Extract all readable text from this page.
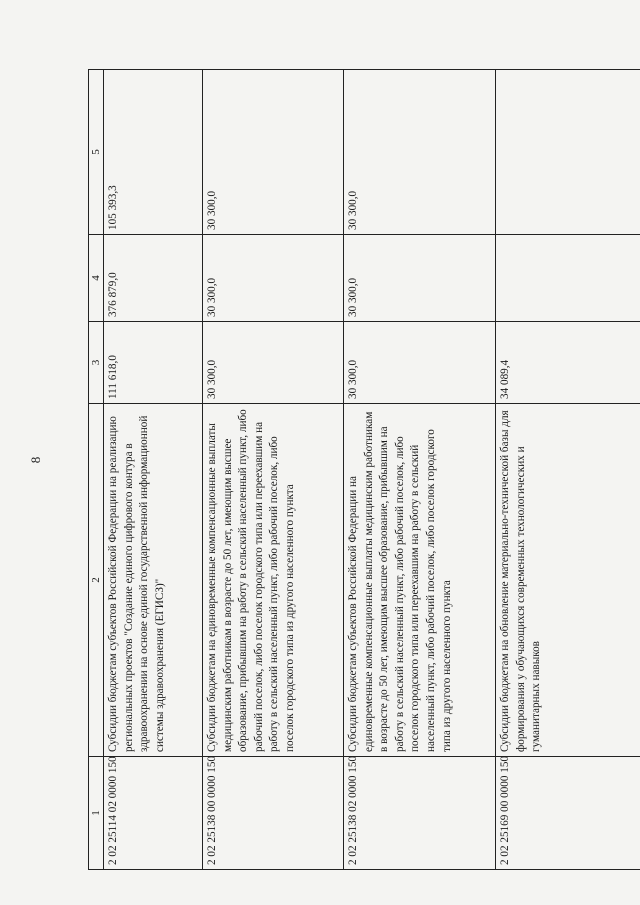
8
1	2	3	4	5
2 02 25114 02 0000 150	Субсидии бюджетам субъектов Российской Федерации на реализацию региональных проектов "Создание единого цифрового контура в здравоохранении на основе единой государственной информационной системы здравоохранения (ЕГИСЗ)"	111 618,0	376 879,0	105 393,3
2 02 25138 00 0000 150	Субсидии бюджетам на единовременные компенсационные выплаты медицинским работникам в возрасте до 50 лет, имеющим высшее образование, прибывшим на работу в сельский населенный пункт, либо рабочий поселок, либо поселок городского типа или переехавшим на работу в сельский населенный пункт, либо рабочий поселок, либо поселок городского типа из другого населенного пункта	30 300,0	30 300,0	30 300,0
2 02 25138 02 0000 150	Субсидии бюджетам субъектов Российской Федерации на единовременные компенсационные выплаты медицинским работникам в возрасте до 50 лет, имеющим высшее образование, прибывшим на работу в сельский населенный пункт, либо рабочий поселок, либо поселок городского типа или переехавшим на работу в сельский населенный пункт, либо рабочий поселок, либо поселок городского типа из другого населенного пункта	30 300,0	30 300,0	30 300,0
2 02 25169 00 0000 150	Субсидии бюджетам на обновление материально-технической базы для формирования у обучающихся современных технологических и гуманитарных навыков	34 089,4		
